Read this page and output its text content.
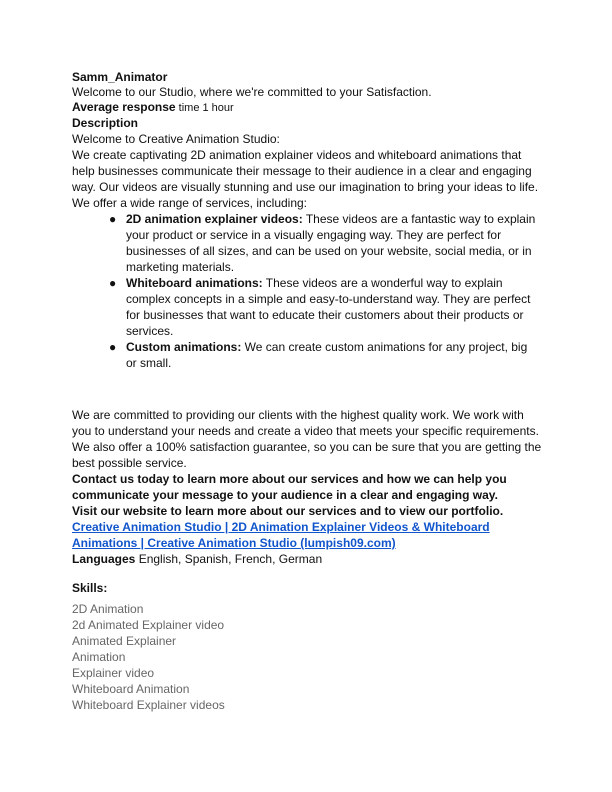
Samm_Animator
Welcome to our Studio, where we're committed to your Satisfaction.
Average response time 1 hour
Description
Welcome to Creative Animation Studio:
We create captivating 2D animation explainer videos and whiteboard animations that help businesses communicate their message to their audience in a clear and engaging way. Our videos are visually stunning and use our imagination to bring your ideas to life. We offer a wide range of services, including:
● 2D animation explainer videos: These videos are a fantastic way to explain your product or service in a visually engaging way. They are perfect for businesses of all sizes, and can be used on your website, social media, or in marketing materials.
● Whiteboard animations: These videos are a wonderful way to explain complex concepts in a simple and easy-to-understand way. They are perfect for businesses that want to educate their customers about their products or services.
● Custom animations: We can create custom animations for any project, big or small.
We are committed to providing our clients with the highest quality work. We work with you to understand your needs and create a video that meets your specific requirements. We also offer a 100% satisfaction guarantee, so you can be sure that you are getting the best possible service.
Contact us today to learn more about our services and how we can help you communicate your message to your audience in a clear and engaging way.
Visit our website to learn more about our services and to view our portfolio.
Creative Animation Studio | 2D Animation Explainer Videos & Whiteboard Animations | Creative Animation Studio (lumpish09.com)
Languages English, Spanish, French, German
Skills:
2D Animation
2d Animated Explainer video
Animated Explainer
Animation
Explainer video
Whiteboard Animation
Whiteboard Explainer videos
